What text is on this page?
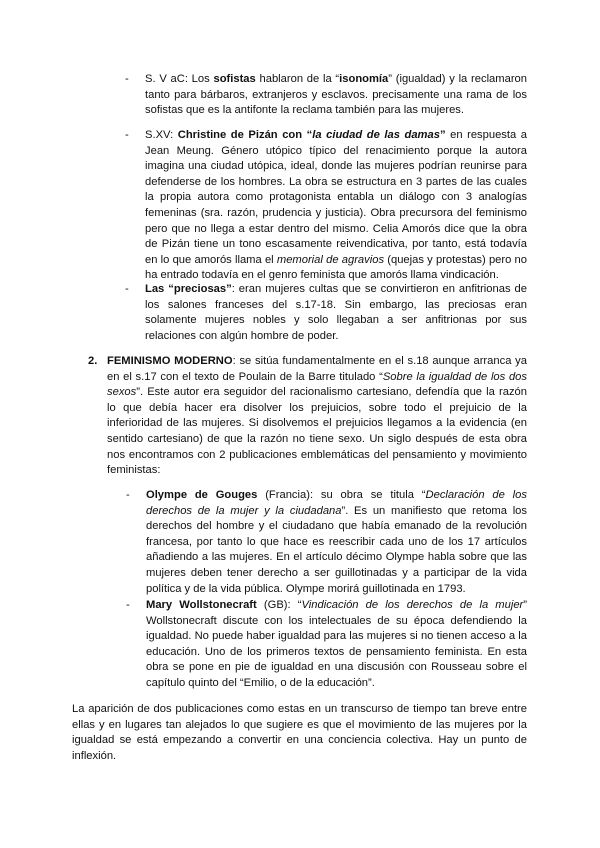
- S. V aC: Los sofistas hablaron de la “isonomía” (igualdad) y la reclamaron tanto para bárbaros, extranjeros y esclavos. precisamente una rama de los sofistas que es la antifonte la reclama también para las mujeres.

- S.XV: Christine de Pizán con “la ciudad de las damas” en respuesta a Jean Meung. Género utópico típico del renacimiento porque la autora imagina una ciudad utópica, ideal, donde las mujeres podrían reunirse para defenderse de los hombres. La obra se estructura en 3 partes de las cuales la propia autora como protagonista entabla un diálogo con 3 analogías femeninas (sra. razón, prudencia y justicia). Obra precursora del feminismo pero que no llega a estar dentro del mismo. Celia Amorós dice que la obra de Pizán tiene un tono escasamente reivendicativa, por tanto, está todavía en lo que amorós llama el memorial de agravios (quejas y protestas) pero no ha entrado todavía en el genro feminista que amorós llama vindicación.

- Las “preciosas”: eran mujeres cultas que se convirtieron en anfitrionas de los salones franceses del s.17-18. Sin embargo, las preciosas eran solamente mujeres nobles y solo llegaban a ser anfitrionas por sus relaciones con algún hombre de poder.

2. FEMINISMO MODERNO: se sitúa fundamentalmente en el s.18 aunque arranca ya en el s.17 con el texto de Poulain de la Barre titulado “Sobre la igualdad de los dos sexos”. Este autor era seguidor del racionalismo cartesiano, defendía que la razón lo que debía hacer era disolver los prejuicios, sobre todo el prejuicio de la inferioridad de las mujeres. Si disolvemos el prejuicios llegamos a la evidencia (en sentido cartesiano) de que la razón no tiene sexo. Un siglo después de esta obra nos encontramos con 2 publicaciones emblemáticas del pensamiento y movimiento feministas:

- Olympe de Gouges (Francia): su obra se titula “Declaración de los derechos de la mujer y la ciudadana”. Es un manifiesto que retoma los derechos del hombre y el ciudadano que había emanado de la revolución francesa, por tanto lo que hace es reescribir cada uno de los 17 artículos añadiendo a las mujeres. En el artículo décimo Olympe habla sobre que las mujeres deben tener derecho a ser guillotinadas y a participar de la vida política y de la vida pública. Olympe morirá guillotinada en 1793.

- Mary Wollstonecraft (GB): “Vindicación de los derechos de la mujer” Wollstonecraft discute con los intelectuales de su época defendiendo la igualdad. No puede haber igualdad para las mujeres si no tienen acceso a la educación. Uno de los primeros textos de pensamiento feminista. En esta obra se pone en pie de igualdad en una discusión con Rousseau sobre el capítulo quinto del “Emilio, o de la educación”.

La aparición de dos publicaciones como estas en un transcurso de tiempo tan breve entre ellas y en lugares tan alejados lo que sugiere es que el movimiento de las mujeres por la igualdad se está empezando a convertir en una conciencia colectiva. Hay un punto de inflexión.
